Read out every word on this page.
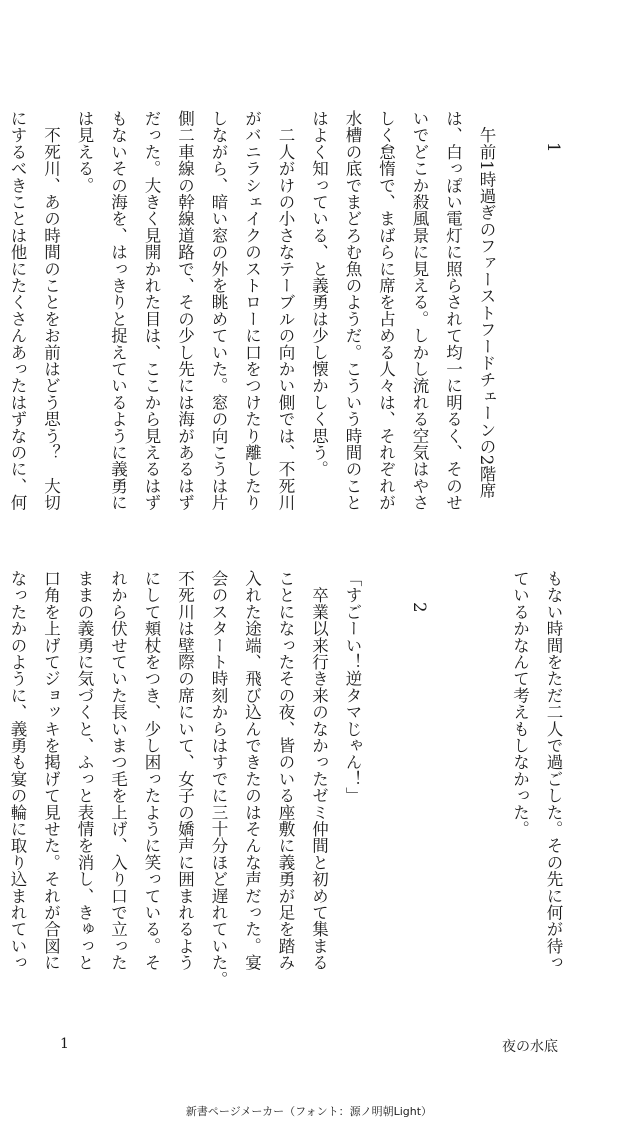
1

　午前1時過ぎのファーストフードチェーンの2階席

は、白っぽい電灯に照らされて均一に明るく、そのせ

いでどこか殺風景に見える。しかし流れる空気はやさ

しく怠惰で、まばらに席を占める人々は、それぞれが

水槽の底でまどろむ魚のようだ。こういう時間のこと

はよく知っている、と義勇は少し懐かしく思う。

　二人がけの小さなテーブルの向かい側では、不死川

がバニラシェイクのストローに口をつけたり離したり

しながら、暗い窓の外を眺めていた。窓の向こうは片

側二車線の幹線道路で、その少し先には海があるはず

だった。大きく見開かれた目は、ここから見えるはず

もないその海を、はっきりと捉えているように義勇に

は見える。

　不死川、あの時間のことをお前はどう思う？　大切

にするべきことは他にたくさんあったはずなのに、何

もない時間をただ二人で過ごした。その先に何が待っ

ているかなんて考えもしなかった。

2

「すごーい！逆タマじゃん！」

　卒業以来行き来のなかったゼミ仲間と初めて集まる

ことになったその夜、皆のいる座敷に義勇が足を踏み

入れた途端、飛び込んできたのはそんな声だった。宴

会のスタート時刻からはすでに三十分ほど遅れていた。

不死川は壁際の席にいて、女子の嬌声に囲まれるよう

にして頬杖をつき、少し困ったように笑っている。そ

れから伏せていた長いまつ毛を上げ、入り口で立った

ままの義勇に気づくと、ふっと表情を消し、きゅっと

口角を上げてジョッキを掲げて見せた。それが合図に

なったかのように、義勇も宴の輪に取り込まれていっ

1	夜の水底
新書ページメーカー（フォント：源ノ明朝Light）
